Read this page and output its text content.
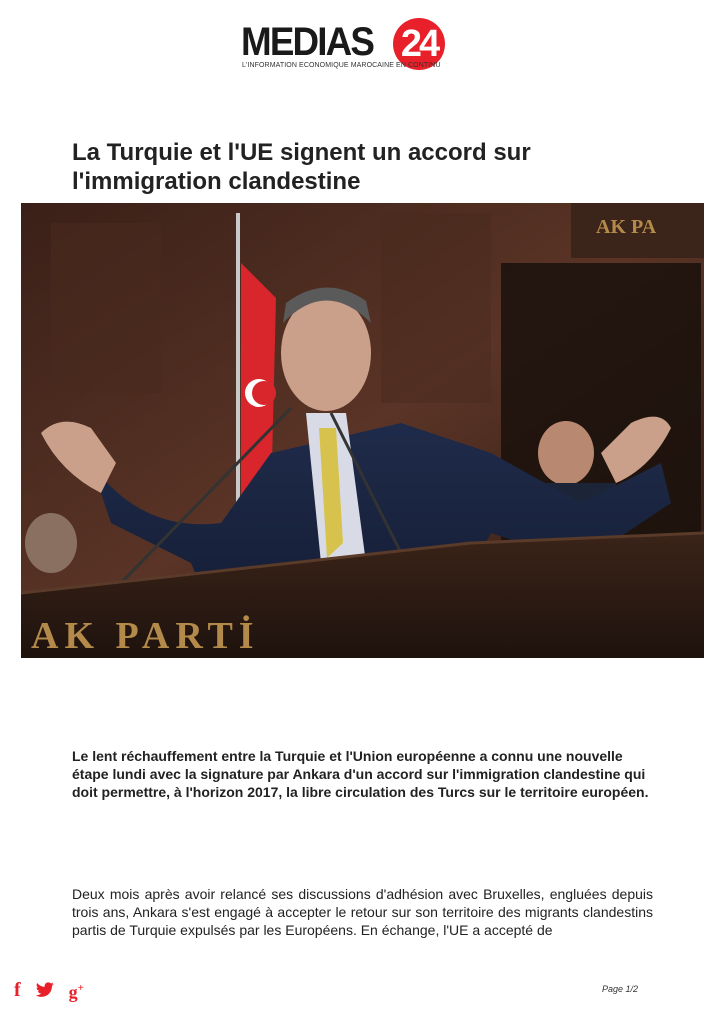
MEDIAS 24
L'INFORMATION ECONOMIQUE MAROCAINE EN CONTINU
La Turquie et l'UE signent un accord sur l'immigration clandestine
AK PA
AK PARTİ

Le lent réchauffement entre la Turquie et l'Union européenne a connu une nouvelle étape lundi avec la signature par Ankara d'un accord sur l'immigration clandestine qui doit permettre, à l'horizon 2017, la libre circulation des Turcs sur le territoire européen.

Deux mois après avoir relancé ses discussions d'adhésion avec Bruxelles, engluées depuis trois ans, Ankara s'est engagé à accepter le retour sur son territoire des migrants clandestins partis de Turquie expulsés par les Européens. En échange, l'UE a accepté de

f	g+	Page 1/2
